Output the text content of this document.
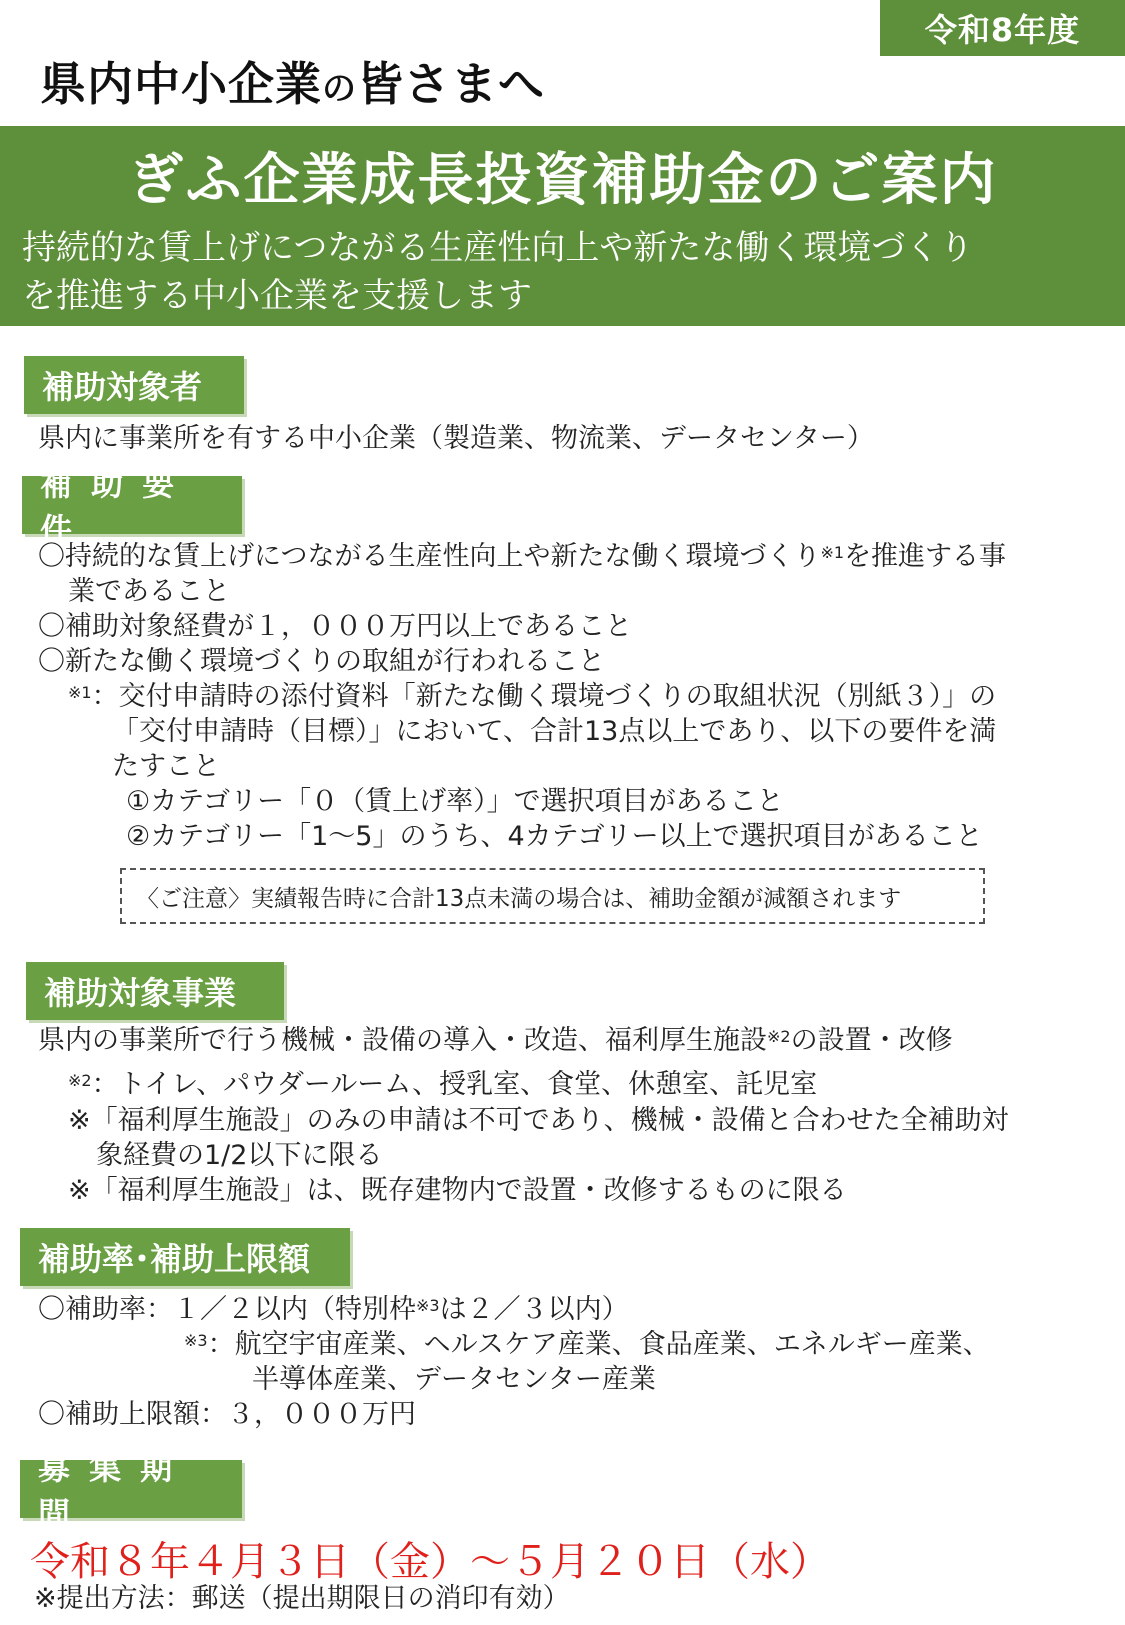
令和8年度
県内中小企業の皆さまへ
ぎふ企業成長投資補助金のご案内
持続的な賃上げにつながる生産性向上や新たな働く環境づくり
を推進する中小企業を支援します
補助対象者
県内に事業所を有する中小企業（製造業、物流業、データセンター）
補 助 要 件
〇持続的な賃上げにつながる生産性向上や新たな働く環境づくり$^{※1}$を推進する事
業であること
〇補助対象経費が１，０００万円以上であること
〇新たな働く環境づくりの取組が行われること
$^{※1}$：交付申請時の添付資料「新たな働く環境づくりの取組状況（別紙３）」の
「交付申請時（目標）」において、合計13点以上であり、以下の要件を満
たすこと
①カテゴリー「０（賃上げ率）」で選択項目があること
②カテゴリー「1～5」のうち、4カテゴリー以上で選択項目があること
〈ご注意〉実績報告時に合計13点未満の場合は、補助金額が減額されます
補助対象事業
県内の事業所で行う機械・設備の導入・改造、福利厚生施設$^{※2}$の設置・改修
$^{※2}$：トイレ、パウダールーム、授乳室、食堂、休憩室、託児室
※「福利厚生施設」のみの申請は不可であり、機械・設備と合わせた全補助対
象経費の1/2以下に限る
※「福利厚生施設」は、既存建物内で設置・改修するものに限る
補助率･補助上限額
〇補助率：１／２以内（特別枠$^{※3}$は２／３以内）
$^{※3}$：航空宇宙産業、ヘルスケア産業、食品産業、エネルギー産業、
半導体産業、データセンター産業
〇補助上限額：３，０００万円
募 集 期 間
令和８年４月３日（金）～５月２０日（水）
※提出方法：郵送（提出期限日の消印有効）
